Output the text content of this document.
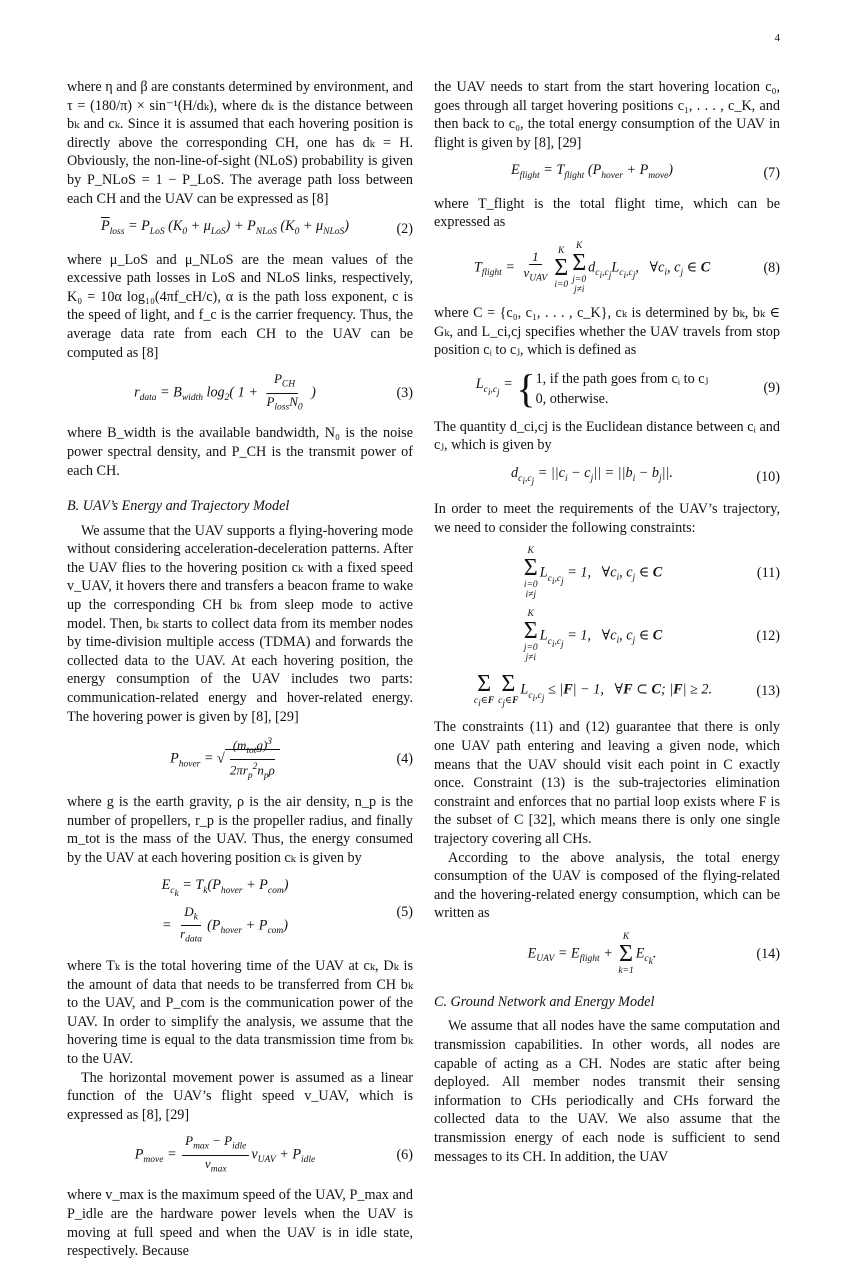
4

where η and β are constants determined by environment, and τ = (180/π) × sin⁻¹(H/dₖ), where dₖ is the distance between bₖ and cₖ. Since it is assumed that each hovering position is directly above the corresponding CH, one has dₖ = H. Obviously, the non-line-of-sight (NLoS) probability is given by P_NLoS = 1 − P_LoS. The average path loss between each CH and the UAV can be expressed as [8]

$\overline{P}_{loss} = P_{LoS}$ $(K_0 + \mu_{LoS}) + P_{NLoS}$ $(K_0 + \mu_{NLoS})$	(2)

where μ_LoS and μ_NLoS are the mean values of the excessive path losses in LoS and NLoS links, respectively, K₀ = 10α log₁₀(4πf_cH/c), α is the path loss exponent, c is the speed of light, and f_c is the carrier frequency. Thus, the average data rate from each CH to the UAV can be computed as [8]

$r_{data} = B_{width}$ $\log_2$( $1 + \frac{P_{CH}}{\overline{P}_{loss}N_0}$ )	(3)

where B_width is the available bandwidth, N₀ is the noise power spectral density, and P_CH is the transmit power of each CH.

B. UAV’s Energy and Trajectory Model

We assume that the UAV supports a flying-hovering mode without considering acceleration-deceleration patterns. After the UAV flies to the hovering position cₖ with a fixed speed v_UAV, it hovers there and transfers a beacon frame to wake up the corresponding CH bₖ from sleep mode to active model. Then, bₖ starts to collect data from its member nodes by time-division multiple access (TDMA) and forwards the collected data to the UAV. At each hovering position, the energy consumption of the UAV includes two parts: communication-related energy and hover-related energy. The hovering power is given by [8], [29]

$P_{hover}$ = √ $\frac{(m_{tot}g)^3}{2\pi r_p^2n_p\rho}$	(4)

where g is the earth gravity, ρ is the air density, n_p is the number of propellers, r_p is the propeller radius, and finally m_tot is the mass of the UAV. Thus, the energy consumed by the UAV at each hovering position cₖ is given by

$E_{c_k} = T_k(P_{hover} + P_{com})$
= $\frac{D_k}{r_{data}} (P_{hover} + P_{com})$
(5)

where Tₖ is the total hovering time of the UAV at cₖ, Dₖ is the amount of data that needs to be transferred from CH bₖ to the UAV, and P_com is the communication power of the UAV. In order to simplify the analysis, we assume that the hovering time is equal to the data transmission time from bₖ to the UAV.

The horizontal movement power is assumed as a linear function of the UAV’s flight speed v_UAV, which is expressed as [8], [29]

$P_{move} = \frac{P_{max} - P_{idle}}{v_{max}} v_{UAV} + P_{idle}$	(6)

where v_max is the maximum speed of the UAV, P_max and P_idle are the hardware power levels when the UAV is moving at full speed and when the UAV is in idle state, respectively. Because

the UAV needs to start from the start hovering location c₀, goes through all target hovering positions c₁, . . . , c_K, and then back to c₀, the total energy consumption of the UAV in flight is given by [8], [29]

$E_{flight} = T_{flight}$ $(P_{hover} + P_{move})$	(7)

where T_flight is the total flight time, which can be expressed as

$T_{flight} = \frac{1}{v_{UAV}}$ K
Σ
i=0
K
Σ
j=0
j≠i
$d_{c_i,c_j}L_{c_i,c_j}$,   $\forall c_i$, $c_j$ ∈ C	(8)

where C = {c₀, c₁, . . . , c_K}, cₖ is determined by bₖ, bₖ ∈ Gₖ, and L_ci,cj specifies whether the UAV travels from stop position cᵢ to cⱼ, which is defined as

$L_{c_i,c_j}$ = { 1, if the path goes from cᵢ to cⱼ
0, otherwise.
(9)

The quantity d_ci,cj is the Euclidean distance between cᵢ and cⱼ, which is given by

$d_{c_i,c_j} = ||c_i - c_j|| = ||b_i - b_j||$.	(10)

In order to meet the requirements of the UAV’s trajectory, we need to consider the following constraints:

K
Σ
i=0
i≠j
$L_{c_i,c_j} = 1$,   $\forall c_i$, $c_j$ ∈ C	(11)
K
Σ
j=0
j≠i
$L_{c_i,c_j} = 1$,   $\forall c_i$, $c_j$ ∈ C	(12)
Σ
$c_i\in F$
Σ
$c_j\in F$
$L_{c_i,c_j} \le |F| - 1$,   ∀F ⊂ C; |F| ≥ 2.	(13)

The constraints (11) and (12) guarantee that there is only one UAV path entering and leaving a given node, which means that the UAV should visit each point in C exactly once. Constraint (13) is the sub-trajectories elimination constraint and enforces that no partial loop exists where F is the subset of C [32], which means there is only one single trajectory covering all CHs.

According to the above analysis, the total energy consumption of the UAV is composed of the flying-related and the hovering-related energy consumption, which can be written as

$E_{UAV} = E_{flight}$ +
K
Σ
k=1
$E_{c_k}$.	(14)
C. Ground Network and Energy Model

We assume that all nodes have the same computation and transmission capabilities. In other words, all nodes are capable of acting as a CH. Nodes are static after being deployed. All member nodes transmit their sensing information to CHs periodically and CHs forward the collected data to the UAV. We also assume that the transmission energy of each node is sufficient to send messages to its CH. In addition, the UAV
